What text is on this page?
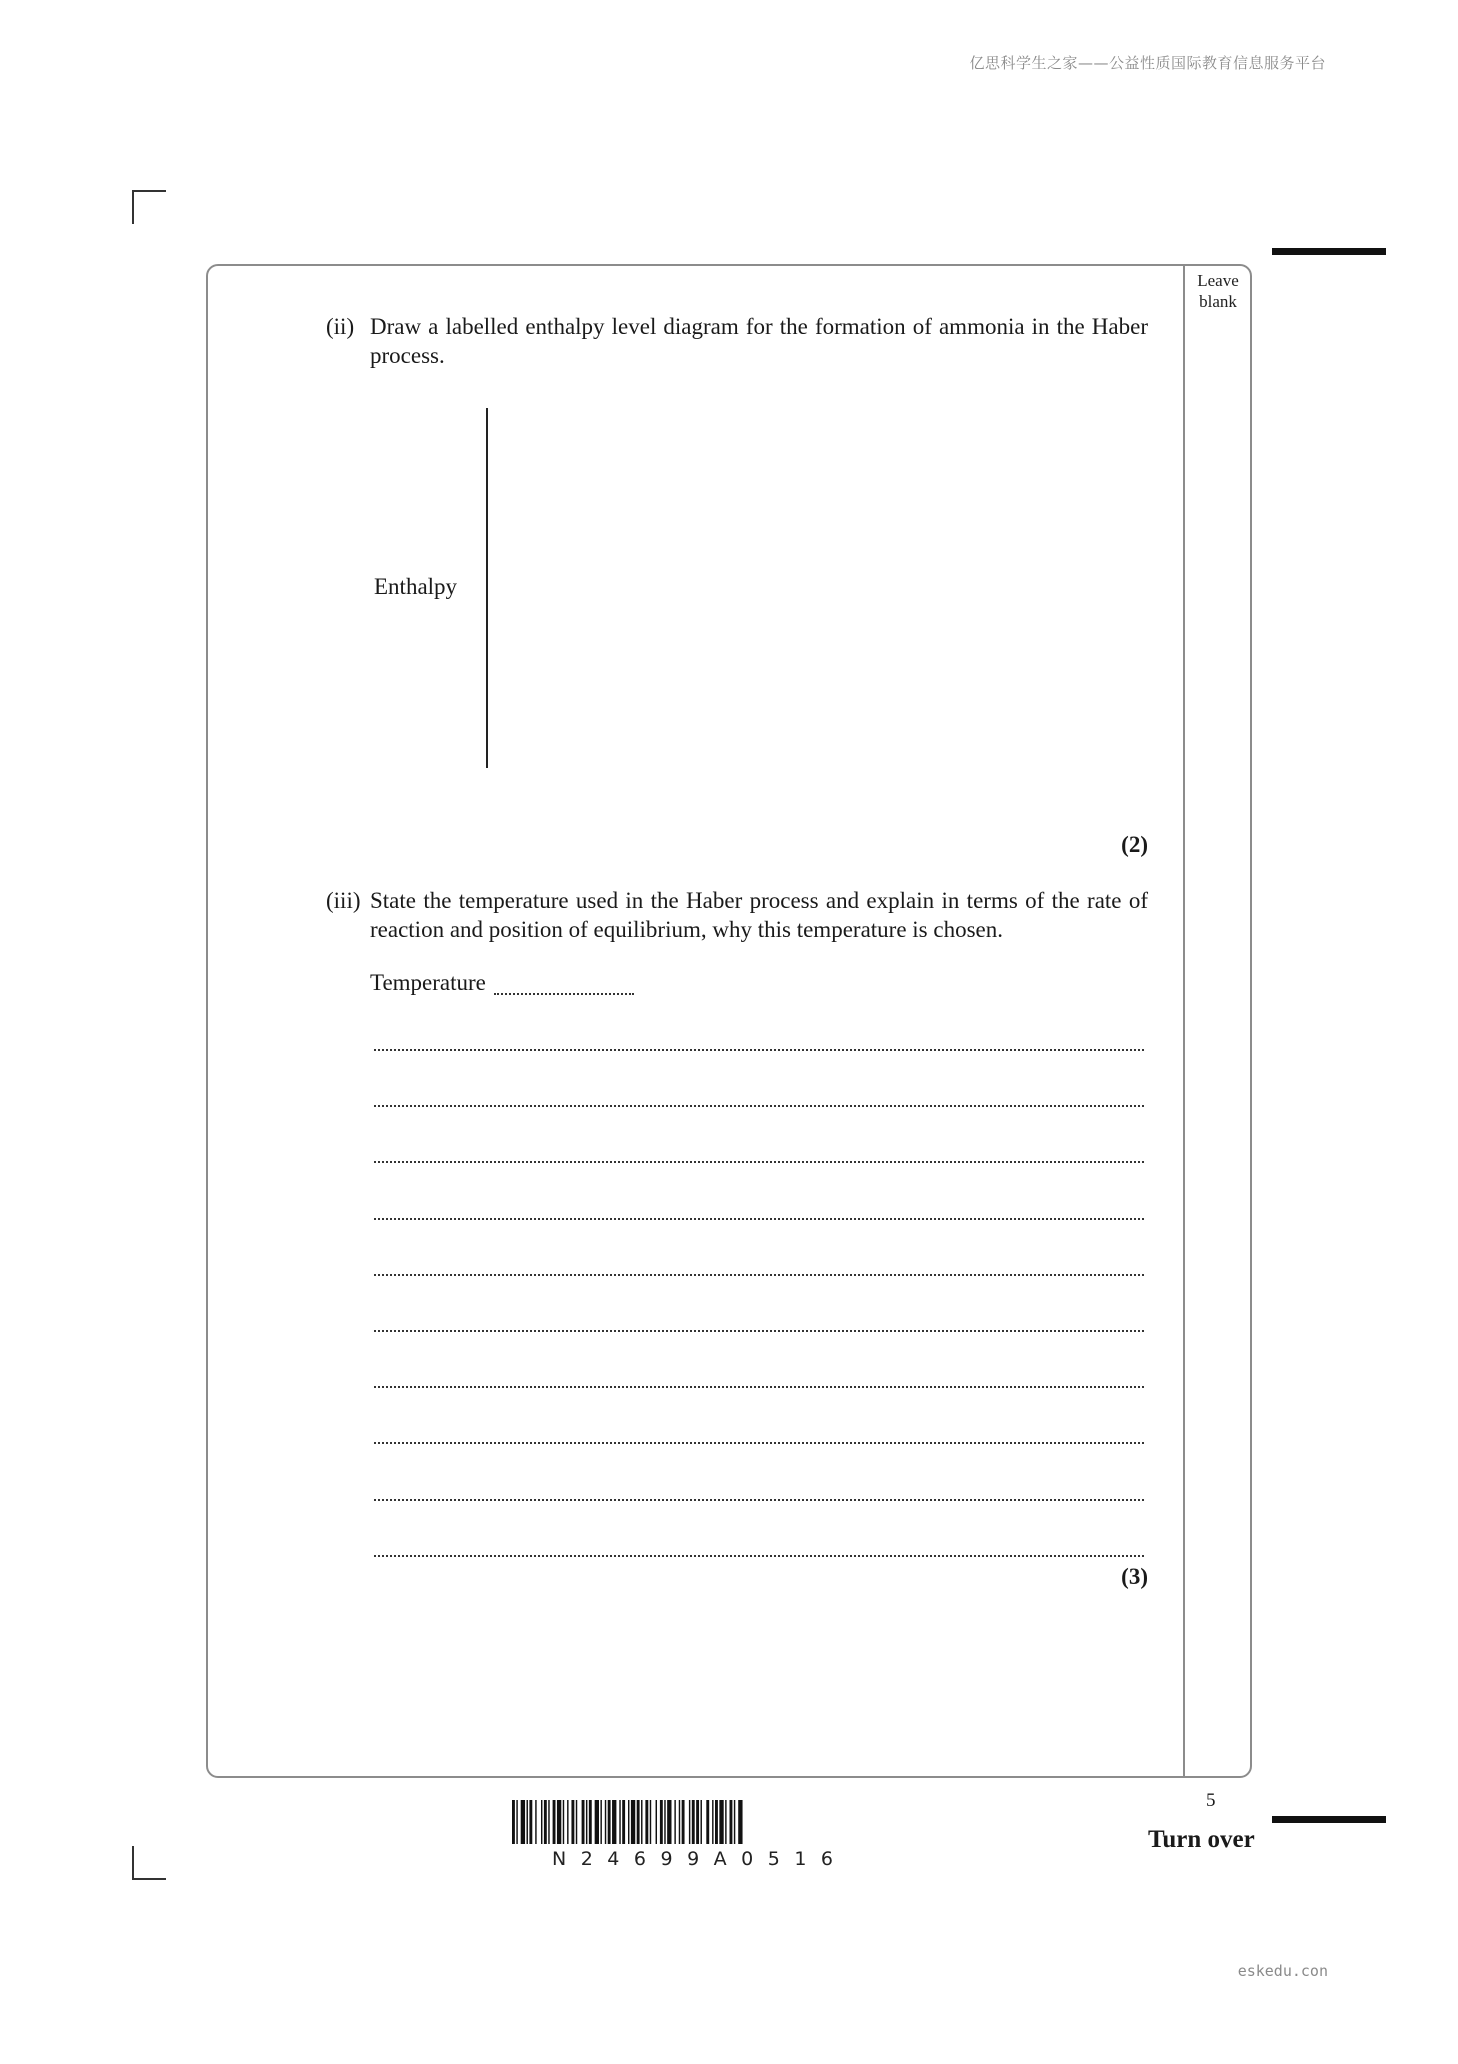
亿思科学生之家——公益性质国际教育信息服务平台
Leave blank
(ii) Draw a labelled enthalpy level diagram for the formation of ammonia in the Haber process.
Enthalpy
(2)
(iii) State the temperature used in the Haber process and explain in terms of the rate of reaction and position of equilibrium, why this temperature is chosen.
Temperature
(3)
5
Turn over
N24699A0516
eskedu.con
